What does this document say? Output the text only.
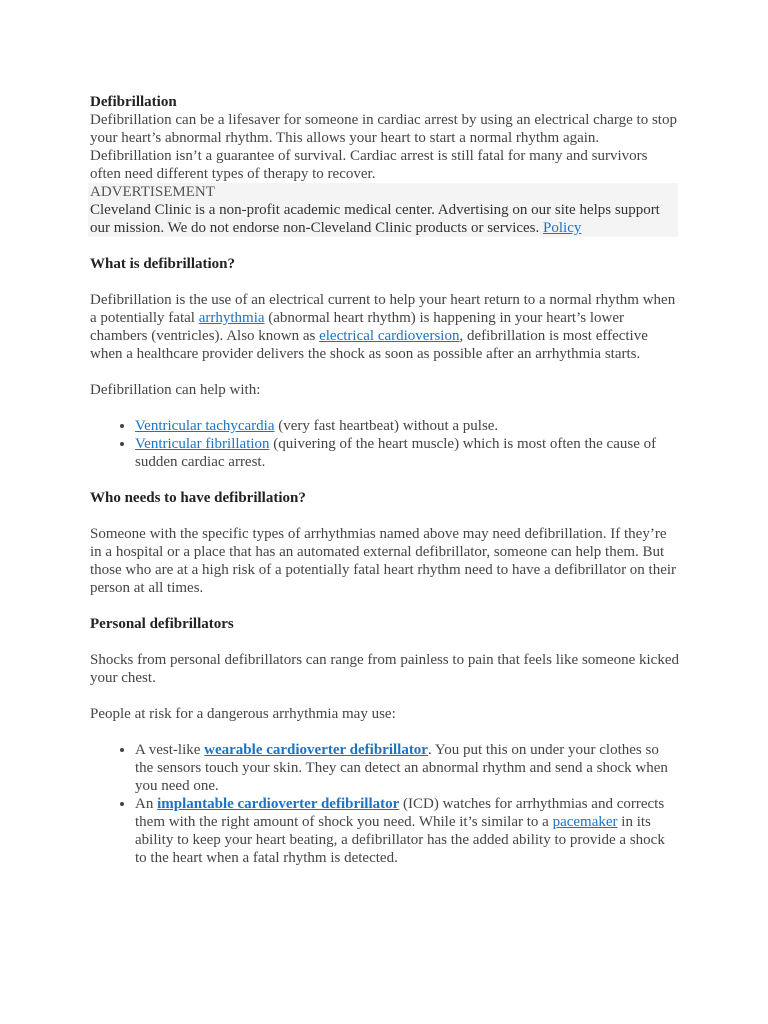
Defibrillation

Defibrillation can be a lifesaver for someone in cardiac arrest by using an electrical charge to stop your heart’s abnormal rhythm. This allows your heart to start a normal rhythm again. Defibrillation isn’t a guarantee of survival. Cardiac arrest is still fatal for many and survivors often need different types of therapy to recover.

ADVERTISEMENT
Cleveland Clinic is a non-profit academic medical center. Advertising on our site helps support our mission. We do not endorse non-Cleveland Clinic products or services. Policy
What is defibrillation?

Defibrillation is the use of an electrical current to help your heart return to a normal rhythm when a potentially fatal arrhythmia (abnormal heart rhythm) is happening in your heart’s lower chambers (ventricles). Also known as electrical cardioversion, defibrillation is most effective when a healthcare provider delivers the shock as soon as possible after an arrhythmia starts.

Defibrillation can help with:

• Ventricular tachycardia (very fast heartbeat) without a pulse.
• Ventricular fibrillation (quivering of the heart muscle) which is most often the cause of sudden cardiac arrest.
Who needs to have defibrillation?

Someone with the specific types of arrhythmias named above may need defibrillation. If they’re in a hospital or a place that has an automated external defibrillator, someone can help them. But those who are at a high risk of a potentially fatal heart rhythm need to have a defibrillator on their person at all times.

Personal defibrillators

Shocks from personal defibrillators can range from painless to pain that feels like someone kicked your chest.

People at risk for a dangerous arrhythmia may use:

• A vest-like wearable cardioverter defibrillator. You put this on under your clothes so the sensors touch your skin. They can detect an abnormal rhythm and send a shock when you need one.
• An implantable cardioverter defibrillator (ICD) watches for arrhythmias and corrects them with the right amount of shock you need. While it’s similar to a pacemaker in its ability to keep your heart beating, a defibrillator has the added ability to provide a shock to the heart when a fatal rhythm is detected.
